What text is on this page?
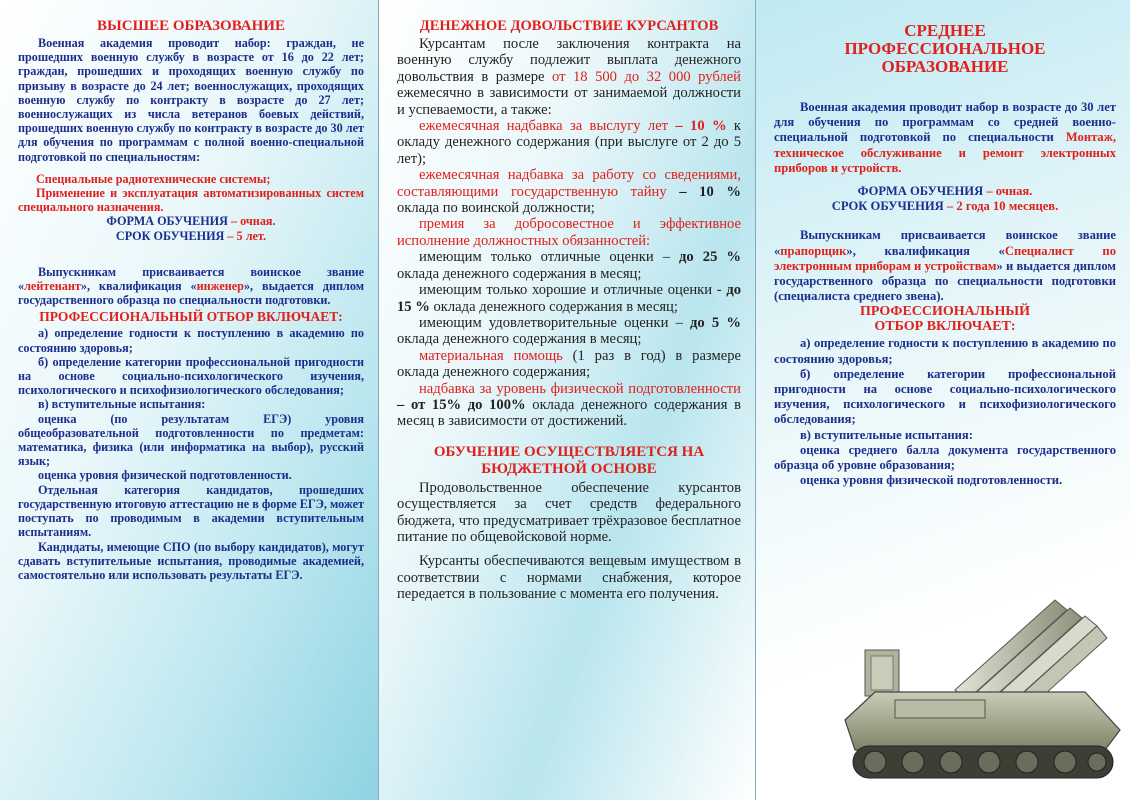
ВЫСШЕЕ ОБРАЗОВАНИЕ

Военная академия проводит набор: граждан, не прошедших военную службу в возрасте от 16 до 22 лет; граждан, прошедших и проходящих военную службу по призыву в возрасте до 24 лет; военнослужащих, проходящих военную службу по контракту в возрасте до 27 лет; военнослужащих из числа ветеранов боевых действий, прошедших военную службу по контракту в возрасте до 30 лет для обучения по программам с полной военно-специальной подготовкой по специальностям:

Специальные радиотехнические системы;

Применение и эксплуатация автоматизированных систем специального назначения.

ФОРМА ОБУЧЕНИЯ – очная.

СРОК ОБУЧЕНИЯ – 5 лет.

Выпускникам присваивается воинское звание «лейтенант», квалификация «инженер», выдается диплом государственного образца по специальности подготовки.

ПРОФЕССИОНАЛЬНЫЙ ОТБОР ВКЛЮЧАЕТ:

а) определение годности к поступлению в академию по состоянию здоровья;

б) определение категории профессиональной пригодности на основе социально-психологического изучения, психологического и психофизиологического обследования;

в) вступительные испытания:

оценка (по результатам ЕГЭ) уровня общеобразовательной подготовленности по предметам: математика, физика (или информатика на выбор), русский язык;

оценка уровня физической подготовленности.

Отдельная категория кандидатов, прошедших государственную итоговую аттестацию не в форме ЕГЭ, может поступать по проводимым в академии вступительным испытаниям.

Кандидаты, имеющие СПО (по выбору кандидатов), могут сдавать вступительные испытания, проводимые академией, самостоятельно или использовать результаты ЕГЭ.

ДЕНЕЖНОЕ ДОВОЛЬСТВИЕ КУРСАНТОВ

Курсантам после заключения контракта на военную службу подлежит выплата денежного довольствия в размере от 18 500 до 32 000 рублей ежемесячно в зависимости от занимаемой должности и успеваемости, а также:

ежемесячная надбавка за выслугу лет – 10 % к окладу денежного содержания (при выслуге от 2 до 5 лет);

ежемесячная надбавка за работу со сведениями, составляющими государственную тайну – 10 % оклада по воинской должности;

премия за добросовестное и эффективное исполнение должностных обязанностей:

имеющим только отличные оценки – до 25 % оклада денежного содержания в месяц;

имеющим только хорошие и отличные оценки - до 15 % оклада денежного содержания в месяц;

имеющим удовлетворительные оценки – до 5 % оклада денежного содержания в месяц;

материальная помощь (1 раз в год) в размере оклада денежного содержания;

надбавка за уровень физической подготовленности – от 15% до 100% оклада денежного содержания в месяц в зависимости от достижений.

ОБУЧЕНИЕ ОСУЩЕСТВЛЯЕТСЯ НА БЮДЖЕТНОЙ ОСНОВЕ

Продовольственное обеспечение курсантов осуществляется за счет средств федерального бюджета, что предусматривает трёхразовое бесплатное питание по общевойсковой норме.

Курсанты обеспечиваются вещевым имуществом в соответствии с нормами снабжения, которое передается в пользование с момента его получения.

СРЕДНЕЕ ПРОФЕССИОНАЛЬНОЕ ОБРАЗОВАНИЕ

Военная академия проводит набор в возрасте до 30 лет для обучения по программам со средней военно-специальной подготовкой по специальности Монтаж, техническое обслуживание и ремонт электронных приборов и устройств.

ФОРМА ОБУЧЕНИЯ – очная.

СРОК ОБУЧЕНИЯ – 2 года 10 месяцев.

Выпускникам присваивается воинское звание «прапорщик», квалификация «Специалист по электронным приборам и устройствам» и выдается диплом государственного образца по специальности подготовки (специалиста среднего звена).

ПРОФЕССИОНАЛЬНЫЙ ОТБОР ВКЛЮЧАЕТ:

а) определение годности к поступлению в академию по состоянию здоровья;

б) определение категории профессиональной пригодности на основе социально-психологического изучения, психологического и психофизиологического обследования;

в) вступительные испытания:

оценка среднего балла документа государственного образца об уровне образования;

оценка уровня физической подготовленности.
